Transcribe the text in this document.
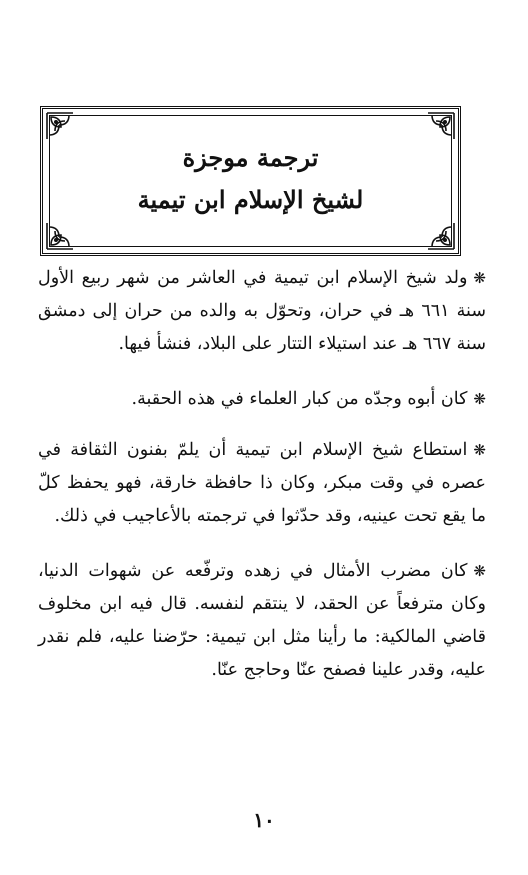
ترجمة موجزة
لشيخ الإسلام ابن تيمية

❋ولد شيخ الإسلام ابن تيمية في العاشر من شهر ربيع الأول سنة ٦٦١ هـ في حران، وتحوّل به والده من حران إلى دمشق سنة ٦٦٧ هـ عند استيلاء التتار على البلاد، فنشأ فيها.

❋كان أبوه وجدّه من كبار العلماء في هذه الحقبة.

❋استطاع شيخ الإسلام ابن تيمية أن يلمّ بفنون الثقافة في عصره في وقت مبكر، وكان ذا حافظة خارقة، فهو يحفظ كلّ ما يقع تحت عينيه، وقد حدّثوا في ترجمته بالأعاجيب في ذلك.

❋كان مضرب الأمثال في زهده وترفّعه عن شهوات الدنيا، وكان مترفعاً عن الحقد، لا ينتقم لنفسه. قال فيه ابن مخلوف قاضي المالكية: ما رأينا مثل ابن تيمية: حرّضنا عليه، فلم نقدر عليه، وقدر علينا فصفح عنّا وحاجج عنّا.

١٠
